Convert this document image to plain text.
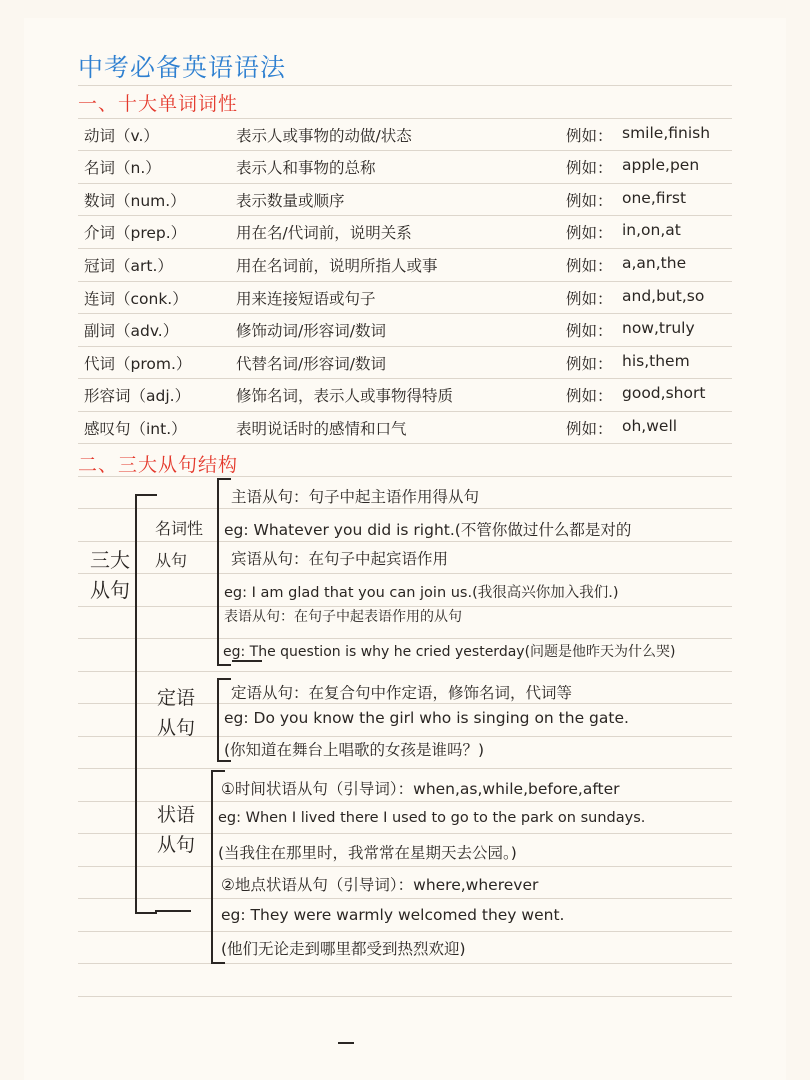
中考必备英语语法
一、十大单词词性
动词（v.）	表示人或事物的动做/状态	例如： smile,finish
名词（n.）	表示人和事物的总称	例如： apple,pen
数词（num.）	表示数量或顺序	例如： one,first
介词（prep.）	用在名/代词前，说明关系	例如： in,on,at
冠词（art.）	用在名词前，说明所指人或事	例如： a,an,the
连词（conk.）	用来连接短语或句子	例如： and,but,so
副词（adv.）	修饰动词/形容词/数词	例如： now,truly
代词（prom.）	代替名词/形容词/数词	例如： his,them
形容词（adj.）	修饰名词，表示人或事物得特质	例如： good,short
感叹句（int.）	表明说话时的感情和口气	例如： oh,well
二、三大从句结构
三大
从句
名词性
从句
定语
从句
状语
从句
主语从句：句子中起主语作用得从句
eg: Whatever you did is right.(不管你做过什么都是对的
宾语从句：在句子中起宾语作用
eg: I am glad that you can join us.(我很高兴你加入我们.)
表语从句：在句子中起表语作用的从句
eg: The question is why he cried yesterday(问题是他昨天为什么哭)
定语从句：在复合句中作定语，修饰名词，代词等
eg: Do you know the girl who is singing on the gate.
(你知道在舞台上唱歌的女孩是谁吗？)
①时间状语从句（引导词）：when,as,while,before,after
eg: When I lived there I used to go to the park on sundays.
(当我住在那里时，我常常在星期天去公园。)
②地点状语从句（引导词）：where,wherever
eg: They were warmly welcomed they went.
(他们无论走到哪里都受到热烈欢迎)
